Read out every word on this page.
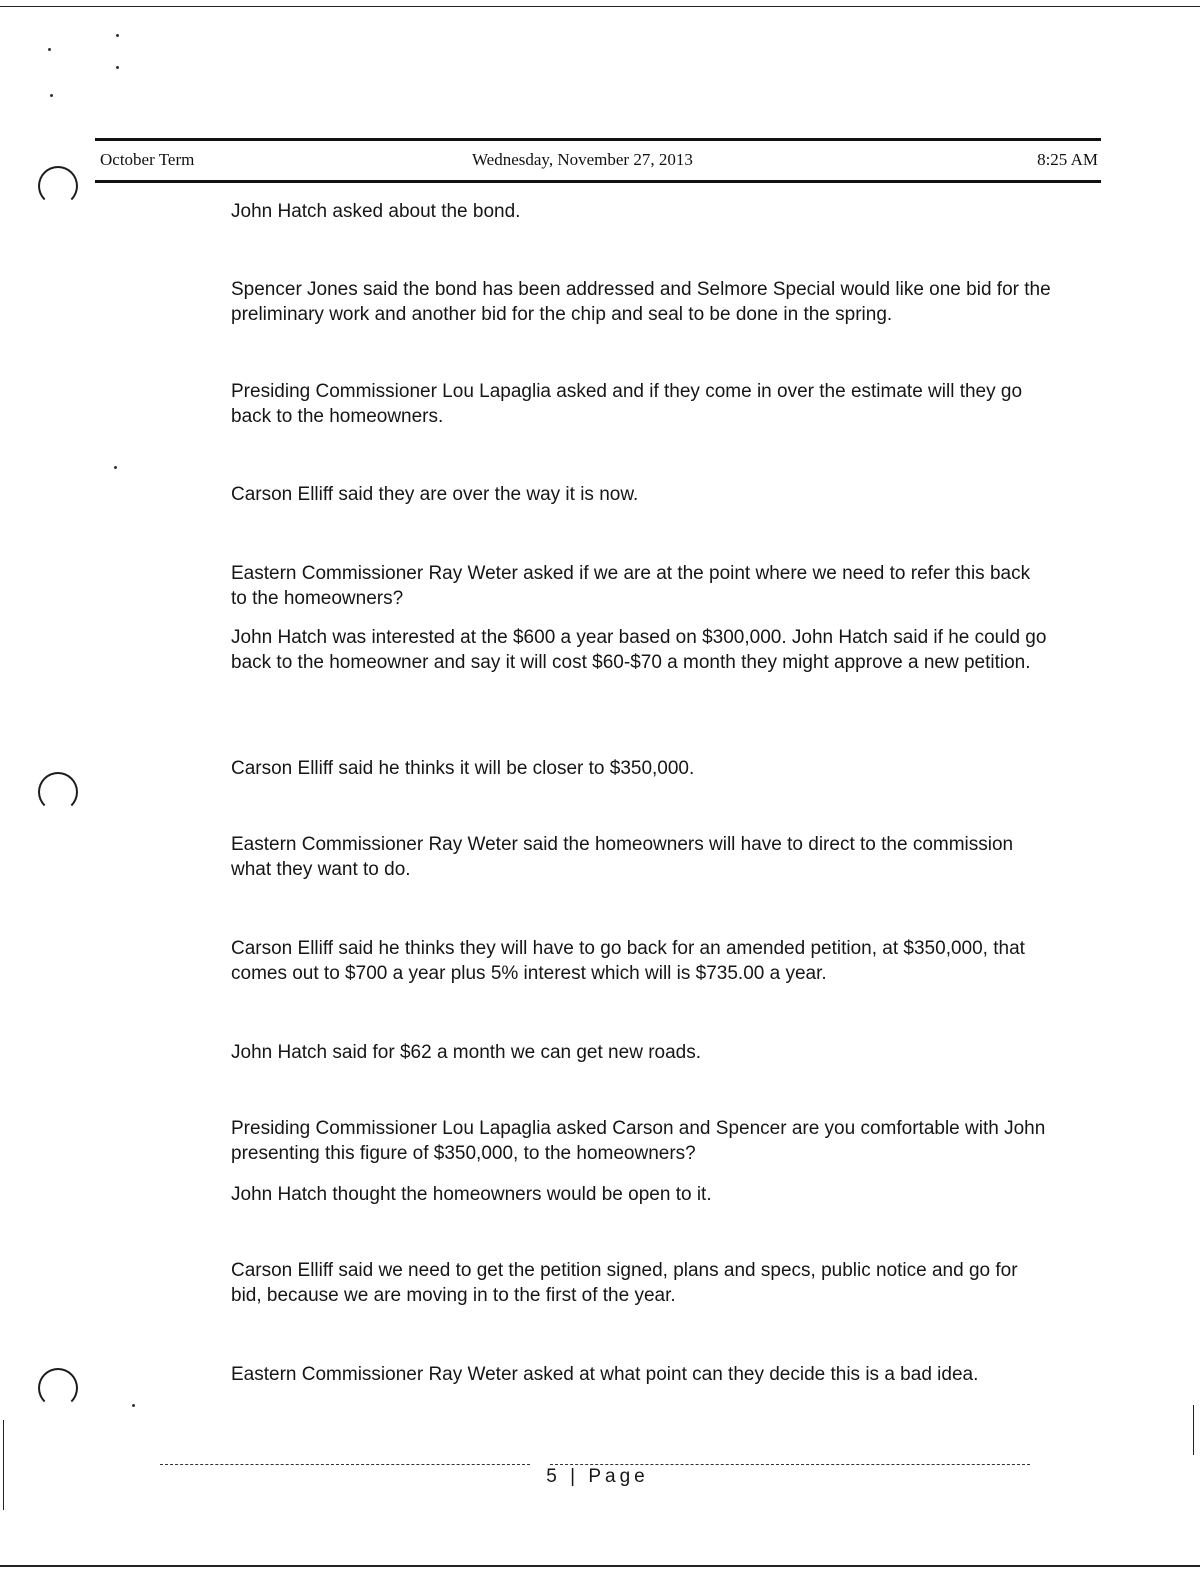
October Term	Wednesday, November 27, 2013	8:25 AM

John Hatch asked about the bond.

Spencer Jones said the bond has been addressed and Selmore Special would like one bid for the preliminary work and another bid for the chip and seal to be done in the spring.

Presiding Commissioner Lou Lapaglia asked and if they come in over the estimate will they go back to the homeowners.

Carson Elliff said they are over the way it is now.

Eastern Commissioner Ray Weter asked if we are at the point where we need to refer this back to the homeowners?

John Hatch was interested at the $600 a year based on $300,000. John Hatch said if he could go back to the homeowner and say it will cost $60-$70 a month they might approve a new petition.

Carson Elliff said he thinks it will be closer to $350,000.

Eastern Commissioner Ray Weter said the homeowners will have to direct to the commission what they want to do.

Carson Elliff said he thinks they will have to go back for an amended petition, at $350,000, that comes out to $700 a year plus 5% interest which will is $735.00 a year.

John Hatch said for $62 a month we can get new roads.

Presiding Commissioner Lou Lapaglia asked Carson and Spencer are you comfortable with John presenting this figure of $350,000, to the homeowners?

John Hatch thought the homeowners would be open to it.

Carson Elliff said we need to get the petition signed, plans and specs, public notice and go for bid, because we are moving in to the first of the year.

Eastern Commissioner Ray Weter asked at what point can they decide this is a bad idea.

5 | Page
